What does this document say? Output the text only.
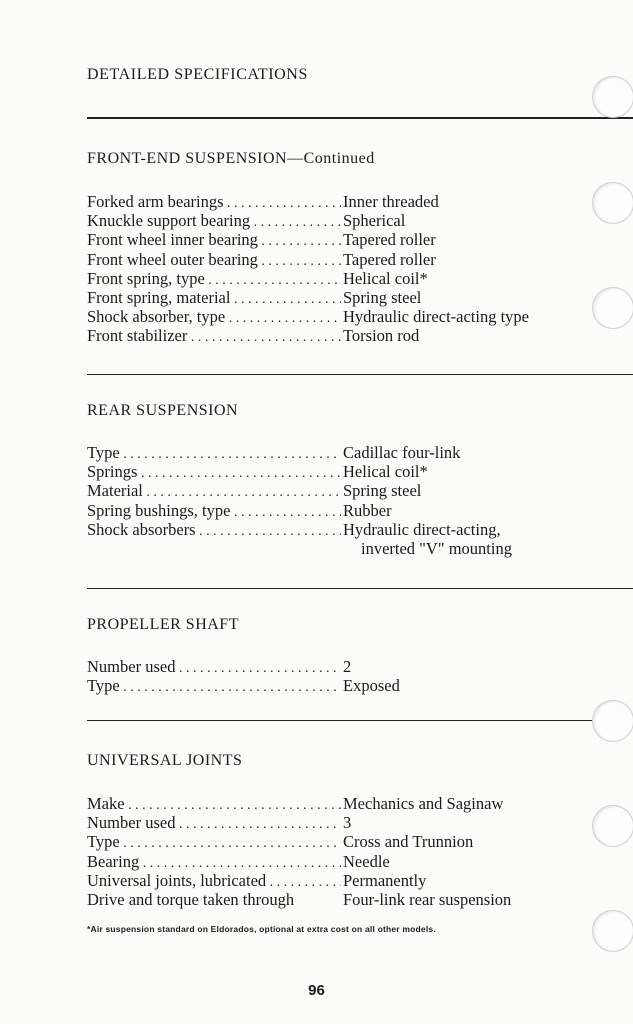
DETAILED SPECIFICATIONS
FRONT-END SUSPENSION—Continued
Forked arm bearings . . .	Inner threaded
Knuckle support bearing . . .	Spherical
Front wheel inner bearing . . .	Tapered roller
Front wheel outer bearing . . .	Tapered roller
Front spring, type . . .	Helical coil*
Front spring, material . . .	Spring steel
Shock absorber, type . . .	Hydraulic direct-acting type
Front stabilizer . . .	Torsion rod
REAR SUSPENSION
Type . . .	Cadillac four-link
Springs . . .	Helical coil*
Material . . .	Spring steel
Spring bushings, type . . .	Rubber
Shock absorbers . . .	Hydraulic direct-acting,
inverted "V" mounting
PROPELLER SHAFT
Number used . . .	2
Type . . .	Exposed
UNIVERSAL JOINTS
Make . . .	Mechanics and Saginaw
Number used . . .	3
Type . . .	Cross and Trunnion
Bearing . . .	Needle
Universal joints, lubricated . . .	Permanently
Drive and torque taken through	Four-link rear suspension
*Air suspension standard on Eldorados, optional at extra cost on all other models.
96
